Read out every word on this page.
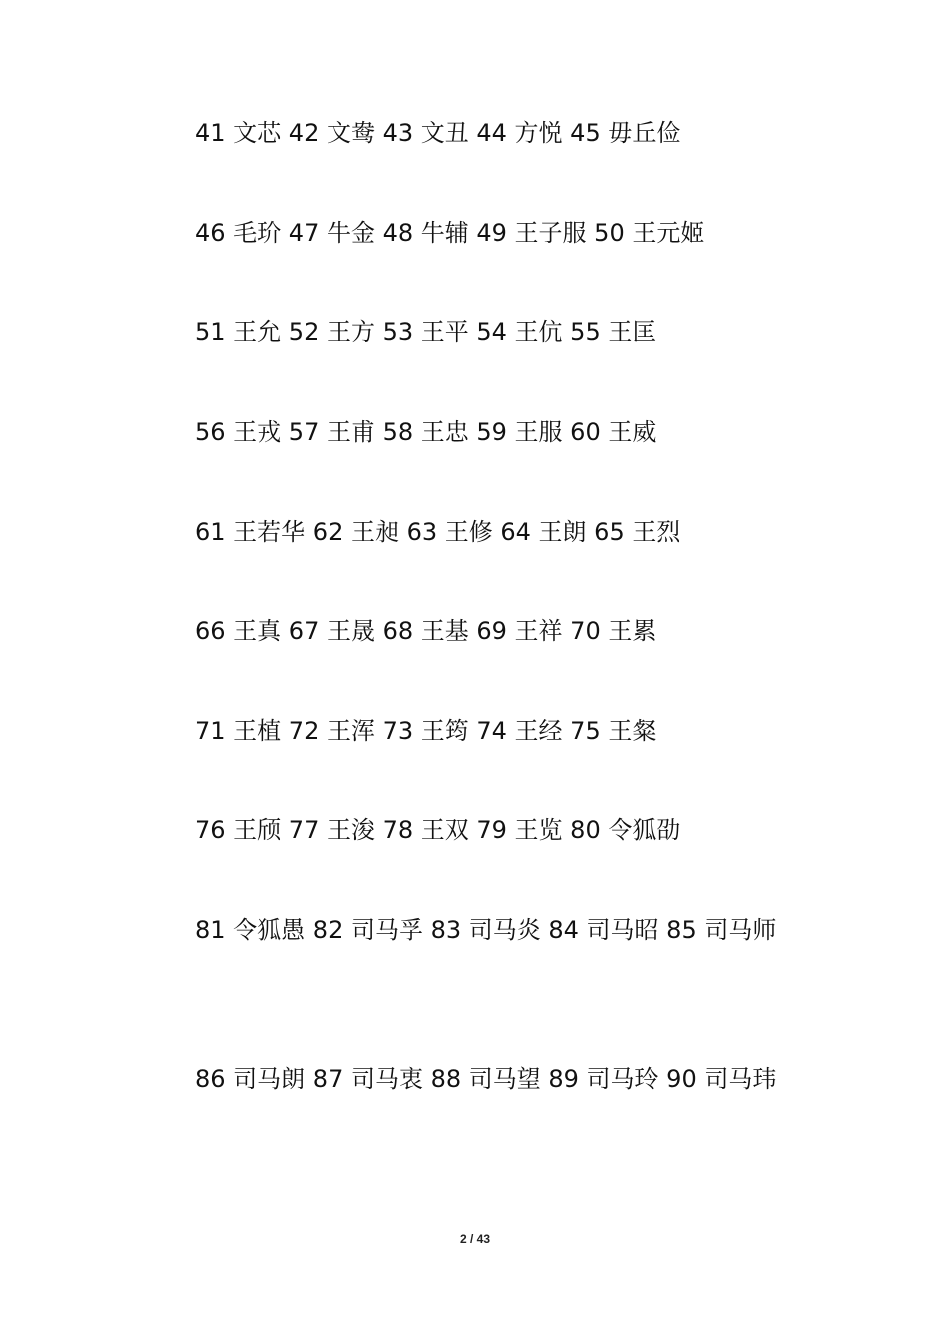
41 文芯 42 文鸯 43 文丑 44 方悦 45 毋丘俭
46 毛玠 47 牛金 48 牛辅 49 王子服 50 王元姬
51 王允 52 王方 53 王平 54 王伉 55 王匡
56 王戎 57 王甫 58 王忠 59 王服 60 王威
61 王若华 62 王昶 63 王修 64 王朗 65 王烈
66 王真 67 王晟 68 王基 69 王祥 70 王累
71 王植 72 王浑 73 王筠 74 王经 75 王粲
76 王颀 77 王浚 78 王双 79 王览 80 令狐劭
81 令狐愚 82 司马孚 83 司马炎 84 司马昭 85 司马师
86 司马朗 87 司马衷 88 司马望 89 司马玲 90 司马玮
2 / 43
